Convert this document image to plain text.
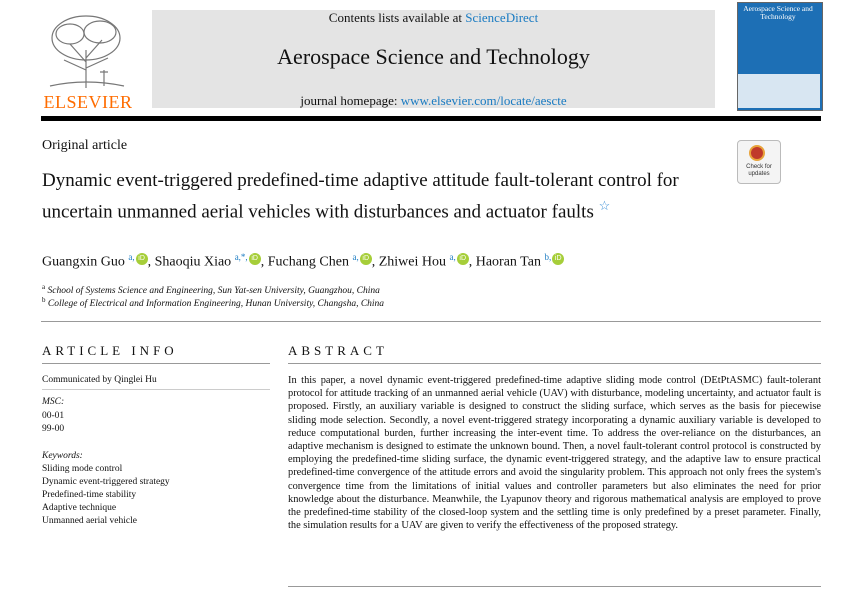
ELSEVIER
Contents lists available at ScienceDirect
Aerospace Science and Technology
journal homepage: www.elsevier.com/locate/aescte
Aerospace Science and Technology
Original article
Check for updates
Dynamic event-triggered predefined-time adaptive attitude fault-tolerant control for uncertain unmanned aerial vehicles with disturbances and actuator faults ☆
Guangxin Guo $^{a,}$ iD , Shaoqiu Xiao $^{a,*,}$ iD , Fuchang Chen $^{a,}$ iD , Zhiwei Hou $^{a,}$ iD , Haoran Tan $^{b,}$ iD
$^a$ School of Systems Science and Engineering, Sun Yat-sen University, Guangzhou, China
$^b$ College of Electrical and Information Engineering, Hunan University, Changsha, China
ARTICLE INFO
Communicated by Qinglei Hu
MSC:
00-01
99-00
Keywords:
Sliding mode control
Dynamic event-triggered strategy
Predefined-time stability
Adaptive technique
Unmanned aerial vehicle
ABSTRACT
In this paper, a novel dynamic event-triggered predefined-time adaptive sliding mode control (DEtPtASMC) fault-tolerant protocol for attitude tracking of an unmanned aerial vehicle (UAV) with disturbance, modeling uncertainty, and actuator fault is proposed. Firstly, an auxiliary variable is designed to construct the sliding surface, which serves as the basis for piecewise sliding mode selection. Secondly, a novel event-triggered strategy incorporating a dynamic auxiliary variable is developed to reduce computational burden, further increasing the inter-event time. To address the over-reliance on the disturbances, an adaptive mechanism is designed to estimate the unknown bound. Then, a novel fault-tolerant control protocol is constructed by employing the predefined-time sliding surface, the dynamic event-triggered strategy, and the adaptive law to ensure practical predefined-time convergence of the attitude errors and avoid the singularity problem. This approach not only frees the system's convergence time from the limitations of initial values and controller parameters but also eliminates the need for prior knowledge about the disturbance. Meanwhile, the Lyapunov theory and rigorous mathematical analysis are employed to prove the predefined-time stability of the closed-loop system and the settling time is only predefined by a preset parameter. Finally, the simulation results for a UAV are given to verify the effectiveness of the proposed strategy.
